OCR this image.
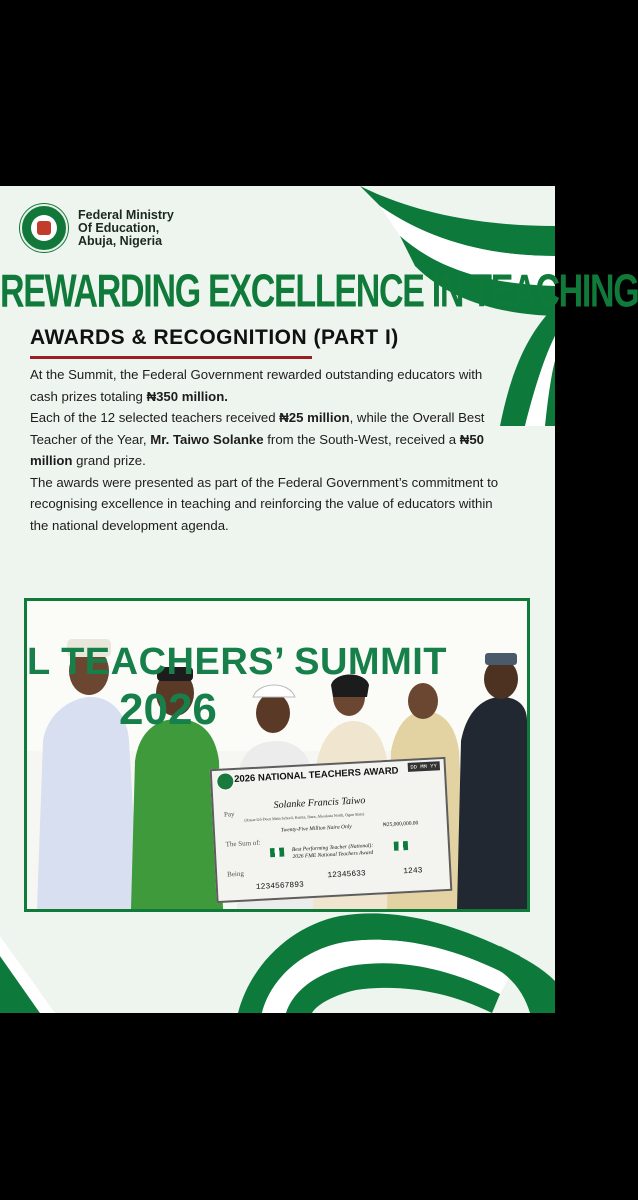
Federal Ministry
Of Education,
Abuja, Nigeria
REWARDING EXCELLENCE IN TEACHING
AWARDS & RECOGNITION (PART I)

At the Summit, the Federal Government rewarded outstanding educators with cash prizes totaling ₦350 million.

Each of the 12 selected teachers received ₦25 million, while the Overall Best Teacher of the Year, Mr. Taiwo Solanke from the South-West, received a ₦50 million grand prize.

The awards were presented as part of the Federal Government’s commitment to recognising excellence in teaching and reinforcing the value of educators within the national development agenda.

L TEACHERS’ SUMMIT
2026
2026 NATIONAL TEACHERS AWARD	DD MM YY
Pay
Solanke Francis Taiwo
(Ansar-Ud-Deen Main School, Kemta, Ibara, Abeokuta North, Ogun State)
The Sum of:
Twenty-Five Million Naira Only	₦25,000,000.00
Best Performing Teacher (National):
2026 FME National Teachers Award
Being
1234567893
12345633	1243
